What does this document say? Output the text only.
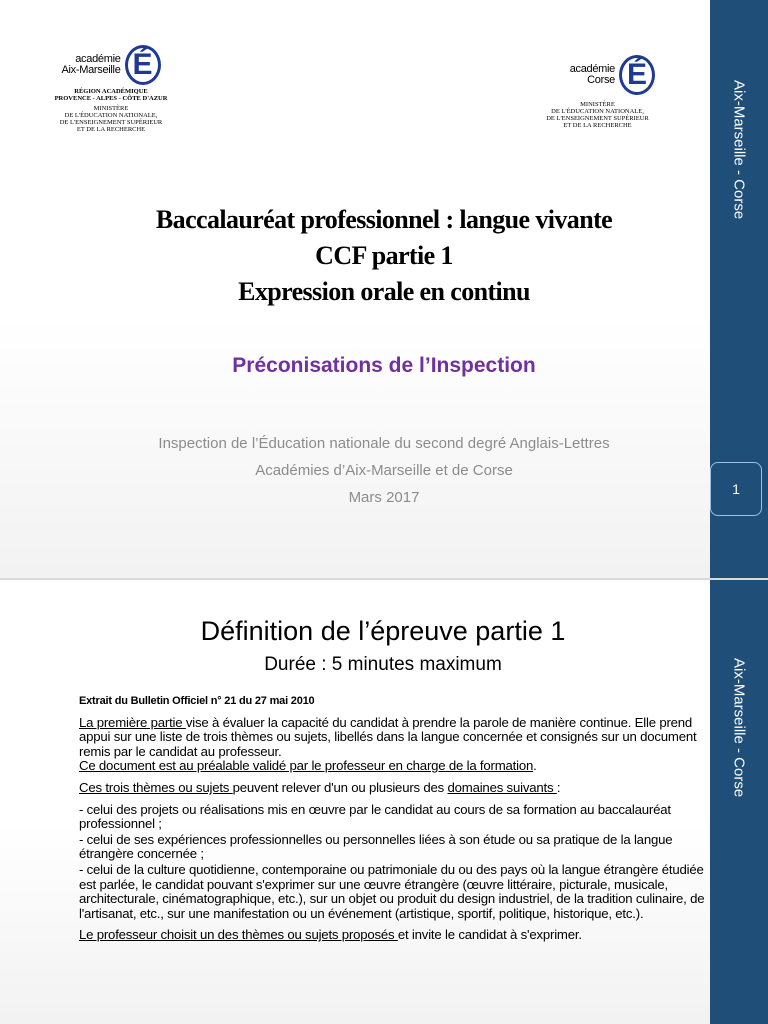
académie
Aix-Marseille É
RÉGION ACADÉMIQUE
PROVENCE - ALPES - CÔTE D'AZUR
MINISTÈRE
DE L'ÉDUCATION NATIONALE,
DE L'ENSEIGNEMENT SUPÉRIEUR
ET DE LA RECHERCHE
académie
Corse É
MINISTÈRE
DE L'ÉDUCATION NATIONALE,
DE L'ENSEIGNEMENT SUPÉRIEUR
ET DE LA RECHERCHE
Baccalauréat professionnel : langue vivante
CCF partie 1
Expression orale en continu
Préconisations de l’Inspection
Inspection de l’Éducation nationale du second degré Anglais-Lettres
Académies d’Aix-Marseille et de Corse
Mars 2017
Aix-Marseille - Corse
1
Définition de l’épreuve partie 1
Durée : 5 minutes maximum

Extrait du Bulletin Officiel n° 21 du 27 mai 2010

La première partie vise à évaluer la capacité du candidat à prendre la parole de manière continue. Elle prend appui sur une liste de trois thèmes ou sujets, libellés dans la langue concernée et consignés sur un document remis par le candidat au professeur.
Ce document est au préalable validé par le professeur en charge de la formation.

Ces trois thèmes ou sujets peuvent relever d'un ou plusieurs des domaines suivants :

- celui des projets ou réalisations mis en œuvre par le candidat au cours de sa formation au baccalauréat professionnel ;

- celui de ses expériences professionnelles ou personnelles liées à son étude ou sa pratique de la langue étrangère concernée ;

- celui de la culture quotidienne, contemporaine ou patrimoniale du ou des pays où la langue étrangère étudiée est parlée, le candidat pouvant s'exprimer sur une œuvre étrangère (œuvre littéraire, picturale, musicale, architecturale, cinématographique, etc.), sur un objet ou produit du design industriel, de la tradition culinaire, de l'artisanat, etc., sur une manifestation ou un événement (artistique, sportif, politique, historique, etc.).

Le professeur choisit un des thèmes ou sujets proposés et invite le candidat à s'exprimer.

Aix-Marseille - Corse
